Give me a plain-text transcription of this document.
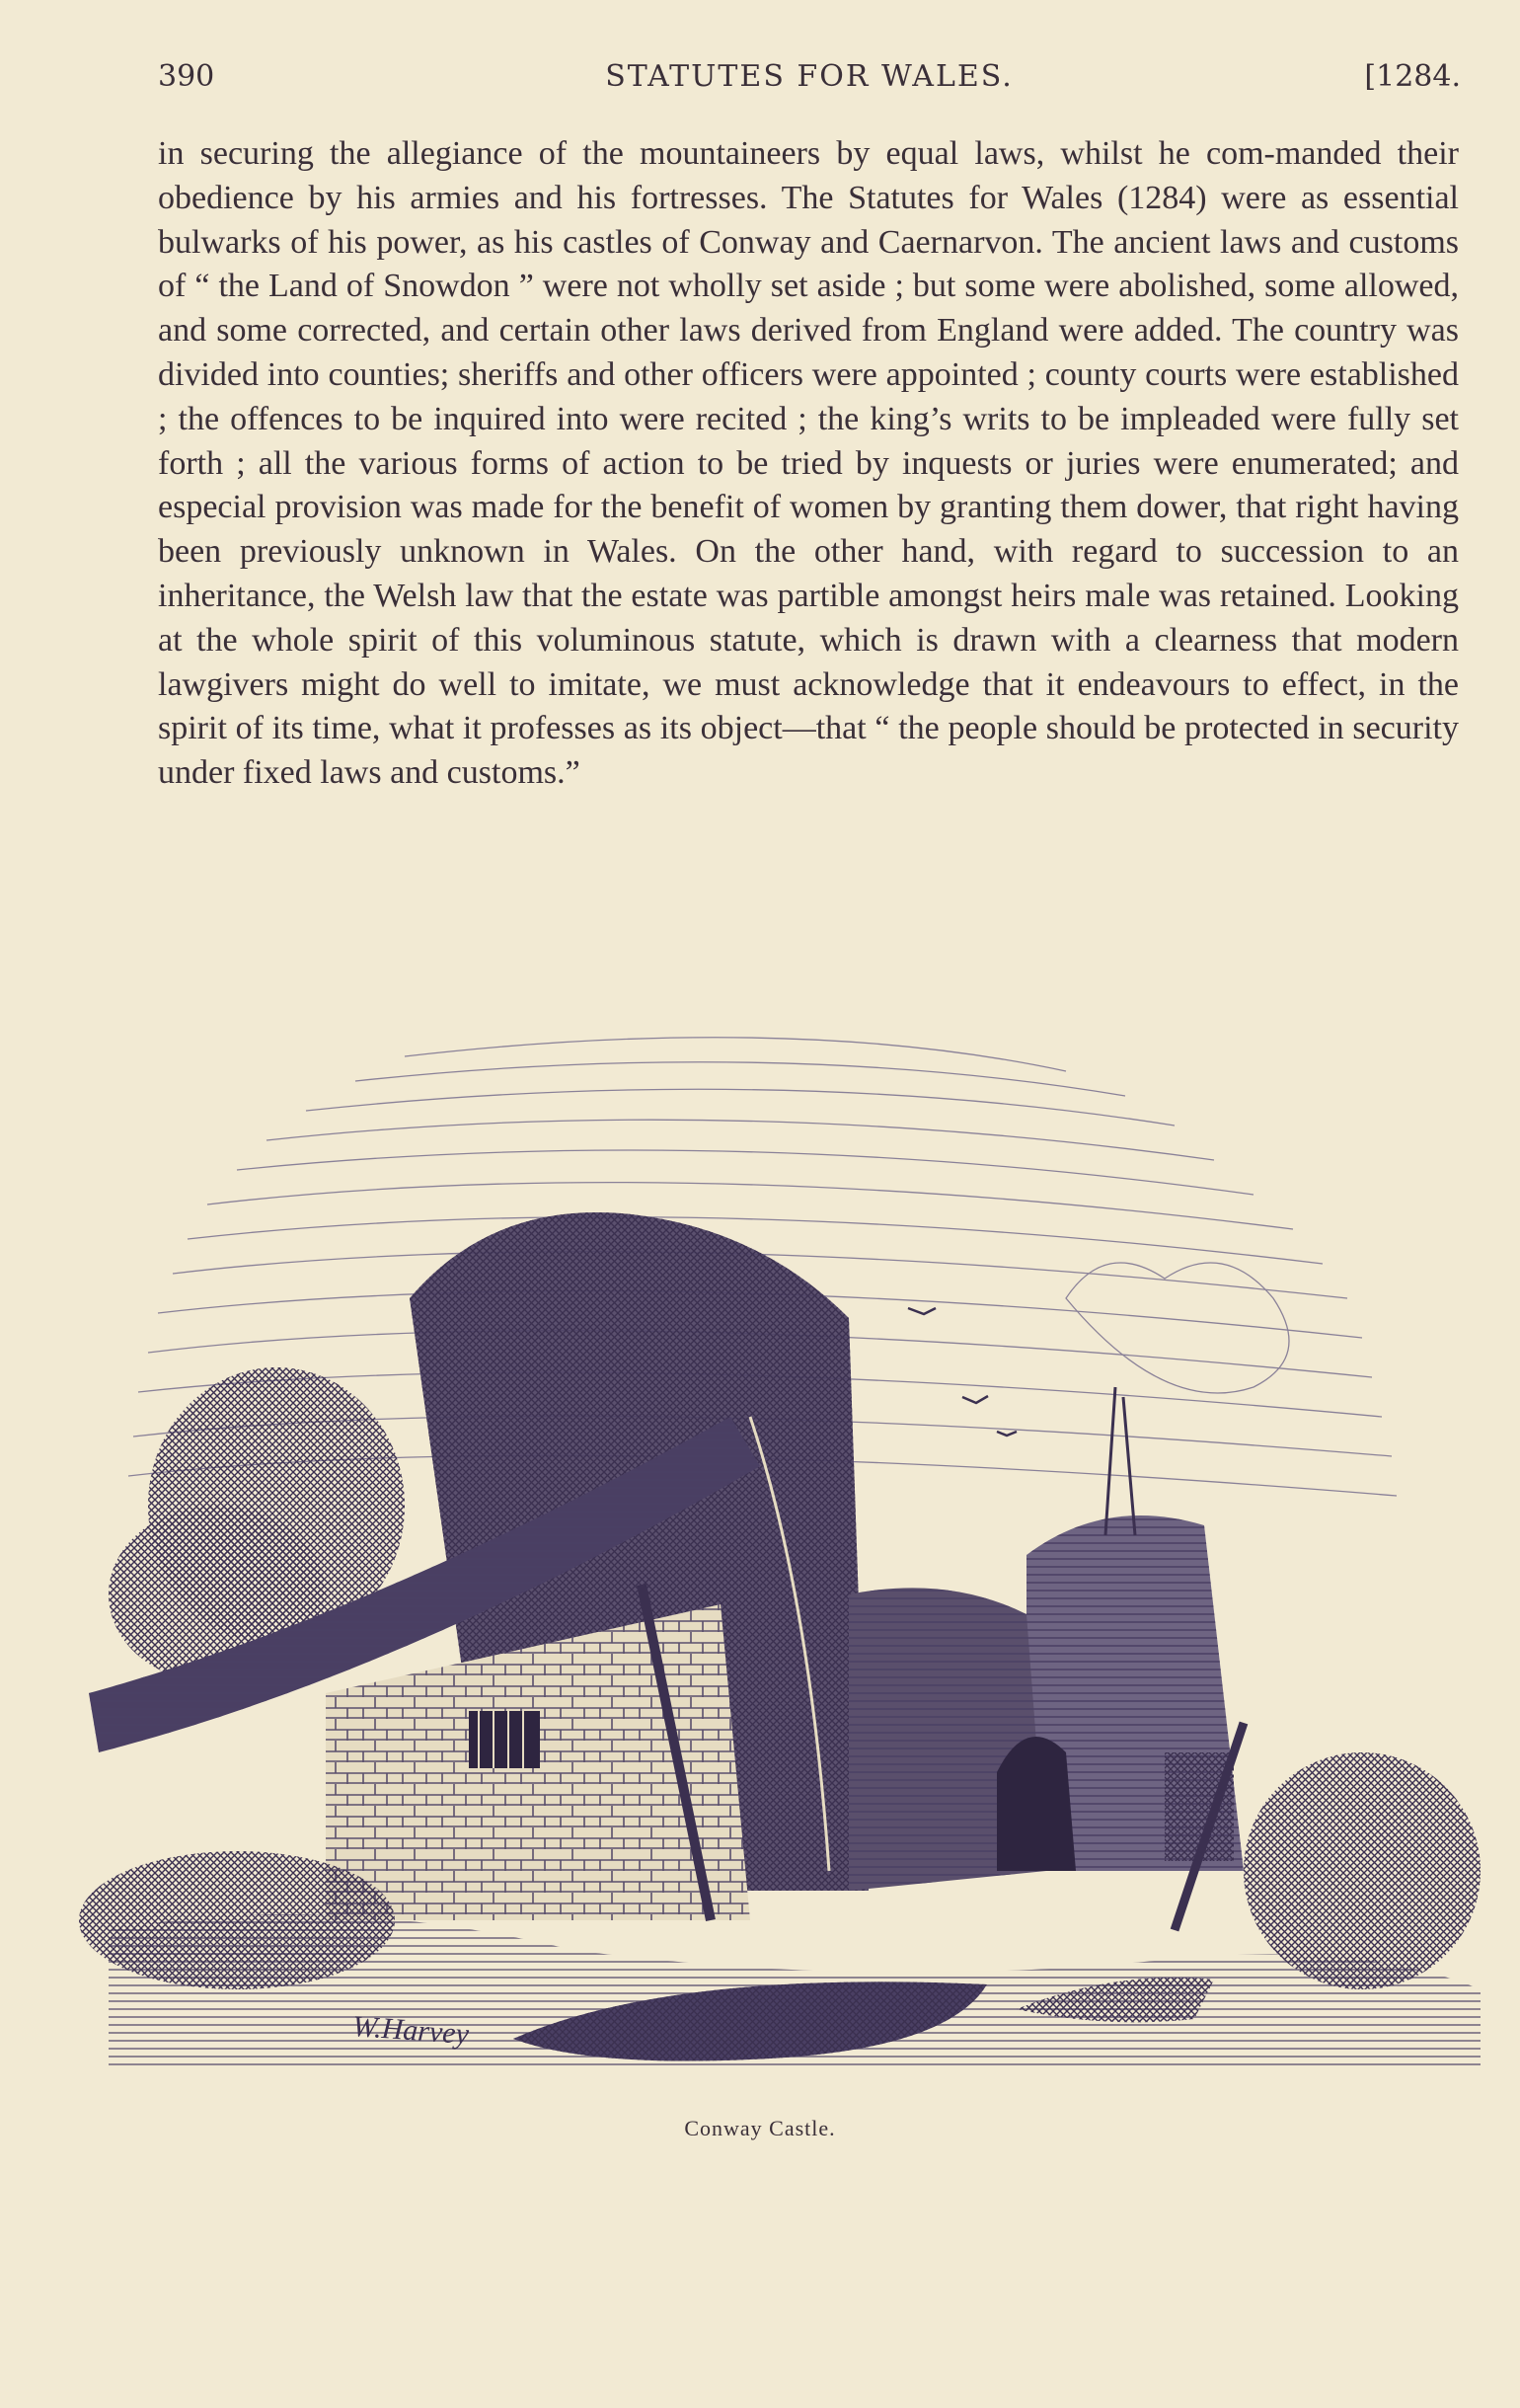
390	STATUTES FOR WALES.	[1284.
in securing the allegiance of the mountaineers by equal laws, whilst he com-manded their obedience by his armies and his fortresses. The Statutes for Wales (1284) were as essential bulwarks of his power, as his castles of Conway and Caernarvon. The ancient laws and customs of “ the Land of Snowdon ” were not wholly set aside ; but some were abolished, some allowed, and some corrected, and certain other laws derived from England were added. The country was divided into counties; sheriffs and other officers were appointed ; county courts were established ; the offences to be inquired into were recited ; the king’s writs to be impleaded were fully set forth ; all the various forms of action to be tried by inquests or juries were enumerated; and especial provision was made for the benefit of women by granting them dower, that right having been previously unknown in Wales. On the other hand, with regard to succession to an inheritance, the Welsh law that the estate was partible amongst heirs male was retained. Looking at the whole spirit of this voluminous statute, which is drawn with a clearness that modern lawgivers might do well to imitate, we must acknowledge that it endeavours to effect, in the spirit of its time, what it professes as its object—that “ the people should be protected in security under fixed laws and customs.”
W.Harvey
Conway Castle.
